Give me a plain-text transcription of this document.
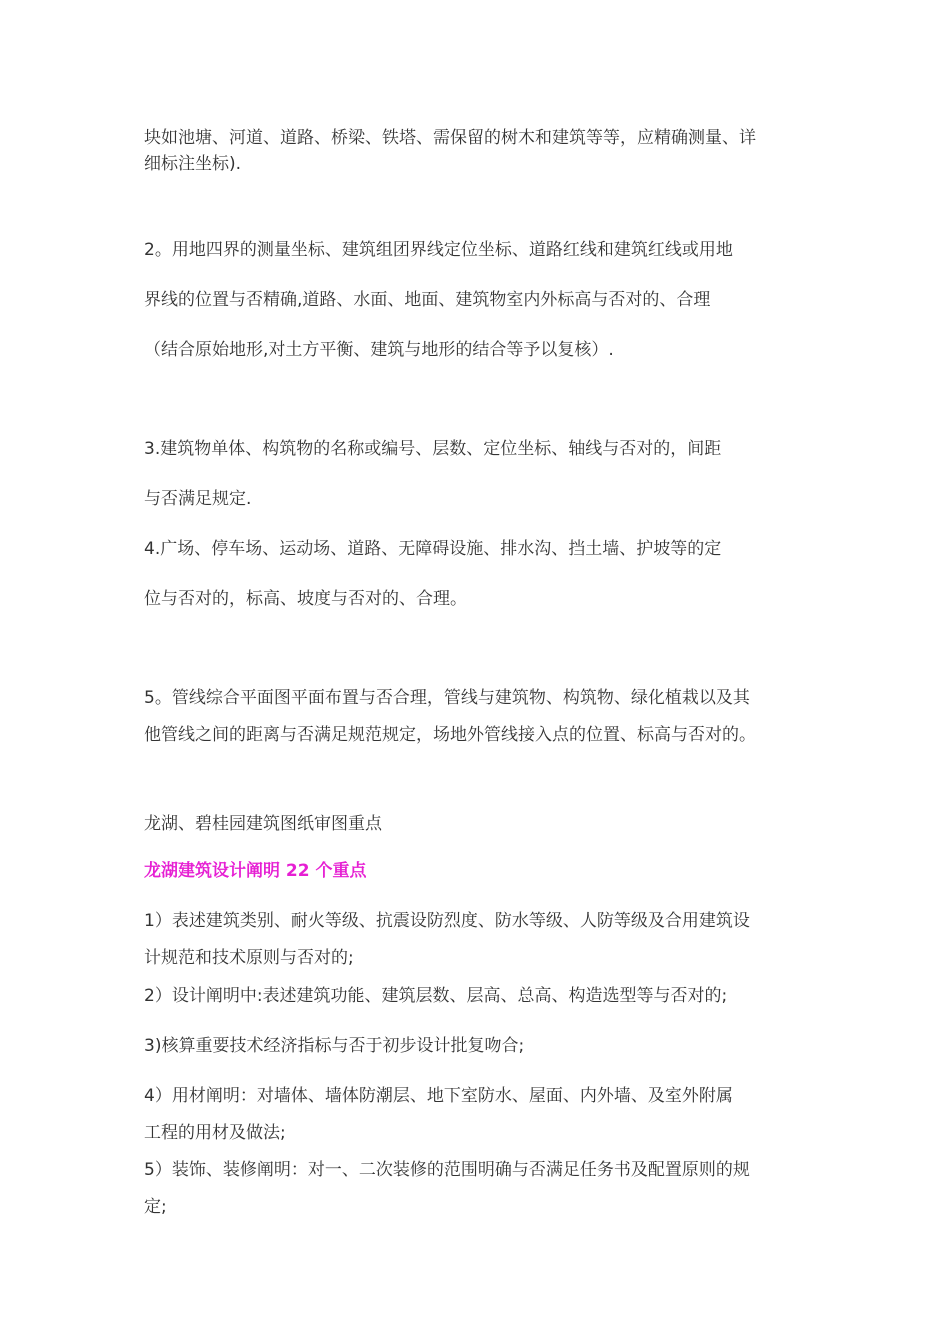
块如池塘、河道、道路、桥梁、铁塔、需保留的树木和建筑等等，应精确测量、详
细标注坐标).
2。用地四界的测量坐标、建筑组团界线定位坐标、道路红线和建筑红线或用地
界线的位置与否精确,道路、水面、地面、建筑物室内外标高与否对的、合理
（结合原始地形,对土方平衡、建筑与地形的结合等予以复核）.
3.建筑物单体、构筑物的名称或编号、层数、定位坐标、轴线与否对的，间距
与否满足规定.
4.广场、停车场、运动场、道路、无障碍设施、排水沟、挡土墙、护坡等的定
位与否对的，标高、坡度与否对的、合理。
5。管线综合平面图平面布置与否合理，管线与建筑物、构筑物、绿化植栽以及其
他管线之间的距离与否满足规范规定，场地外管线接入点的位置、标高与否对的。
龙湖、碧桂园建筑图纸审图重点
龙湖建筑设计阐明 22 个重点
1）表述建筑类别、耐火等级、抗震设防烈度、防水等级、人防等级及合用建筑设
计规范和技术原则与否对的;
2）设计阐明中:表述建筑功能、建筑层数、层高、总高、构造选型等与否对的;
3)核算重要技术经济指标与否于初步设计批复吻合;
4）用材阐明：对墙体、墙体防潮层、地下室防水、屋面、内外墙、及室外附属
工程的用材及做法;
5）装饰、装修阐明：对一、二次装修的范围明确与否满足任务书及配置原则的规
定;
